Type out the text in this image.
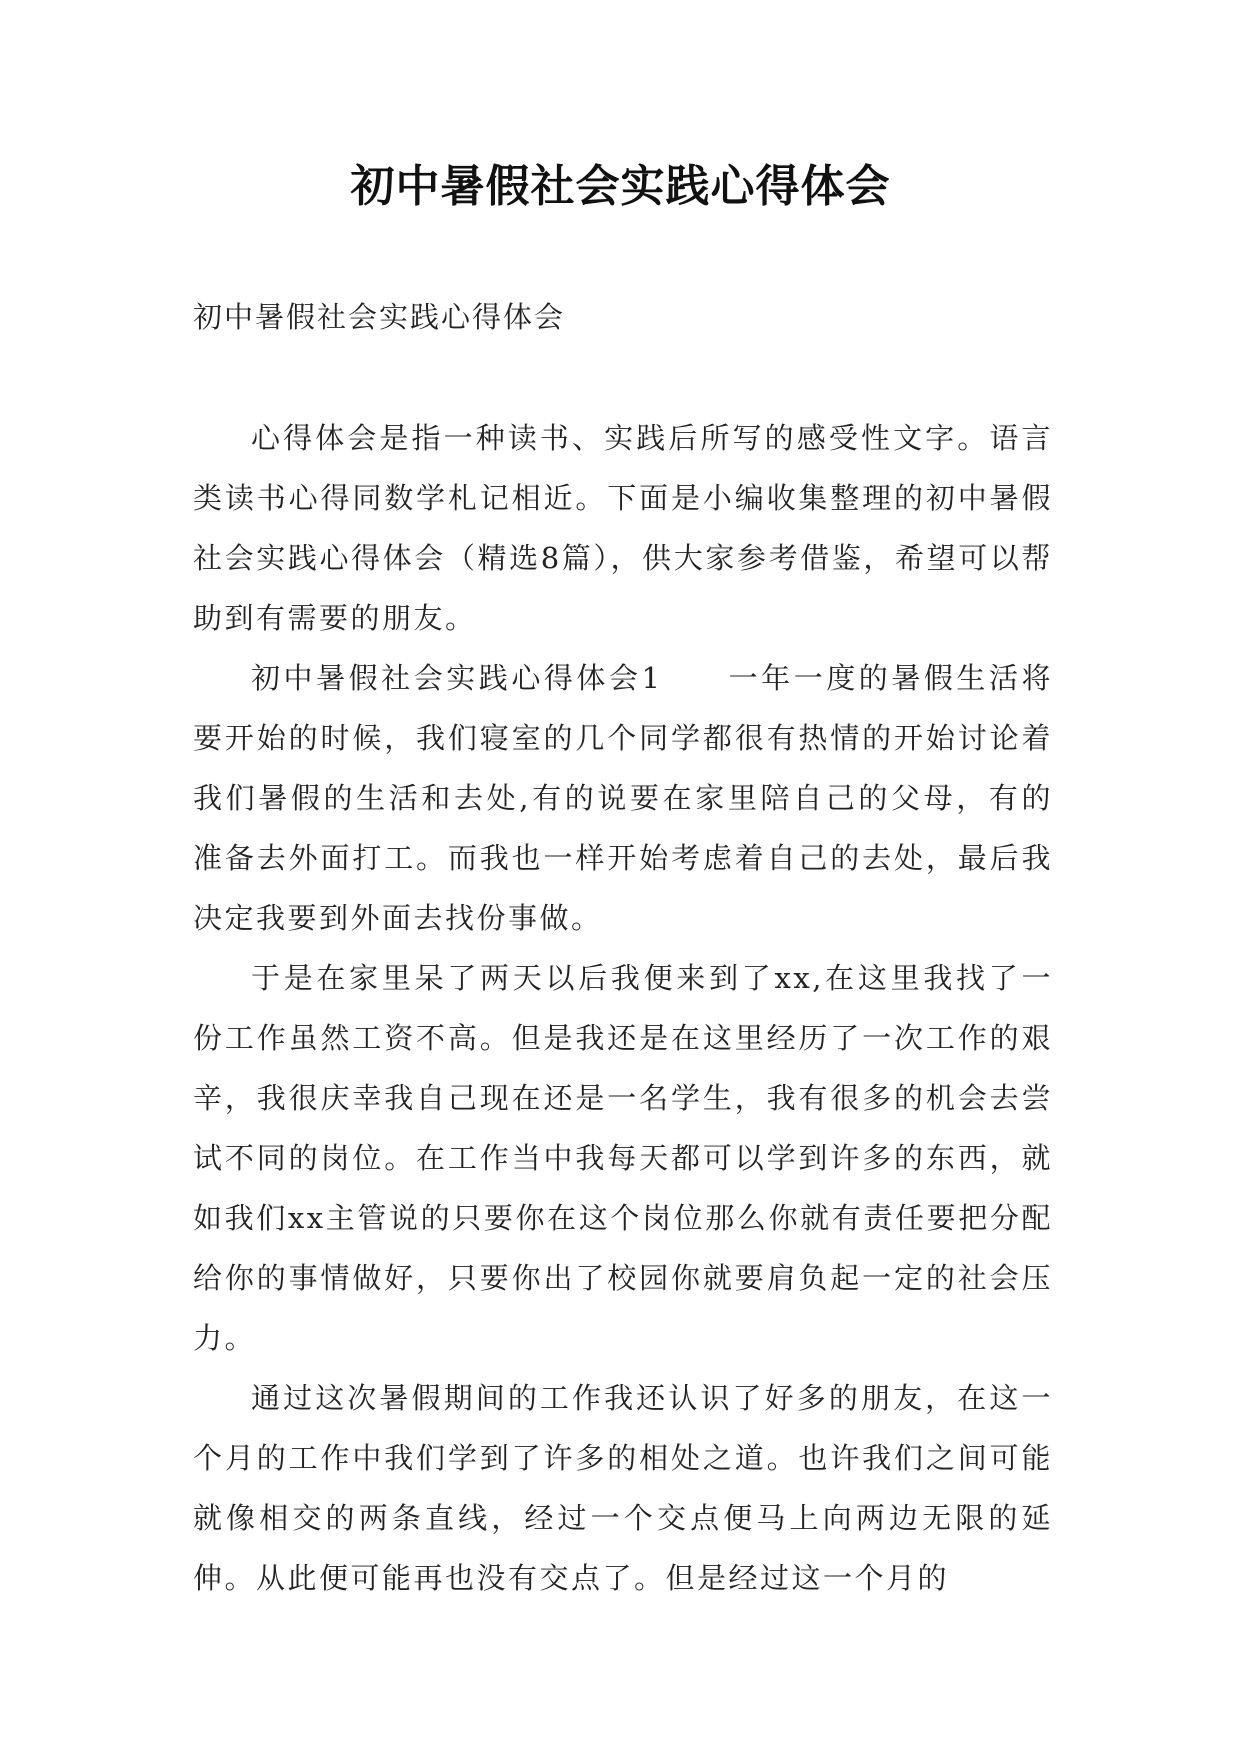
初中暑假社会实践心得体会

初中暑假社会实践心得体会

心得体会是指一种读书、实践后所写的感受性文字。语言类读书心得同数学札记相近。下面是小编收集整理的初中暑假社会实践心得体会（精选8篇），供大家参考借鉴，希望可以帮助到有需要的朋友。

初中暑假社会实践心得体会1　　一年一度的暑假生活将要开始的时候，我们寝室的几个同学都很有热情的开始讨论着我们暑假的生活和去处,有的说要在家里陪自己的父母，有的准备去外面打工。而我也一样开始考虑着自己的去处，最后我决定我要到外面去找份事做。

于是在家里呆了两天以后我便来到了xx,在这里我找了一份工作虽然工资不高。但是我还是在这里经历了一次工作的艰辛，我很庆幸我自己现在还是一名学生，我有很多的机会去尝试不同的岗位。在工作当中我每天都可以学到许多的东西，就如我们xx主管说的只要你在这个岗位那么你就有责任要把分配给你的事情做好，只要你出了校园你就要肩负起一定的社会压力。

通过这次暑假期间的工作我还认识了好多的朋友，在这一个月的工作中我们学到了许多的相处之道。也许我们之间可能就像相交的两条直线，经过一个交点便马上向两边无限的延伸。从此便可能再也没有交点了。但是经过这一个月的
